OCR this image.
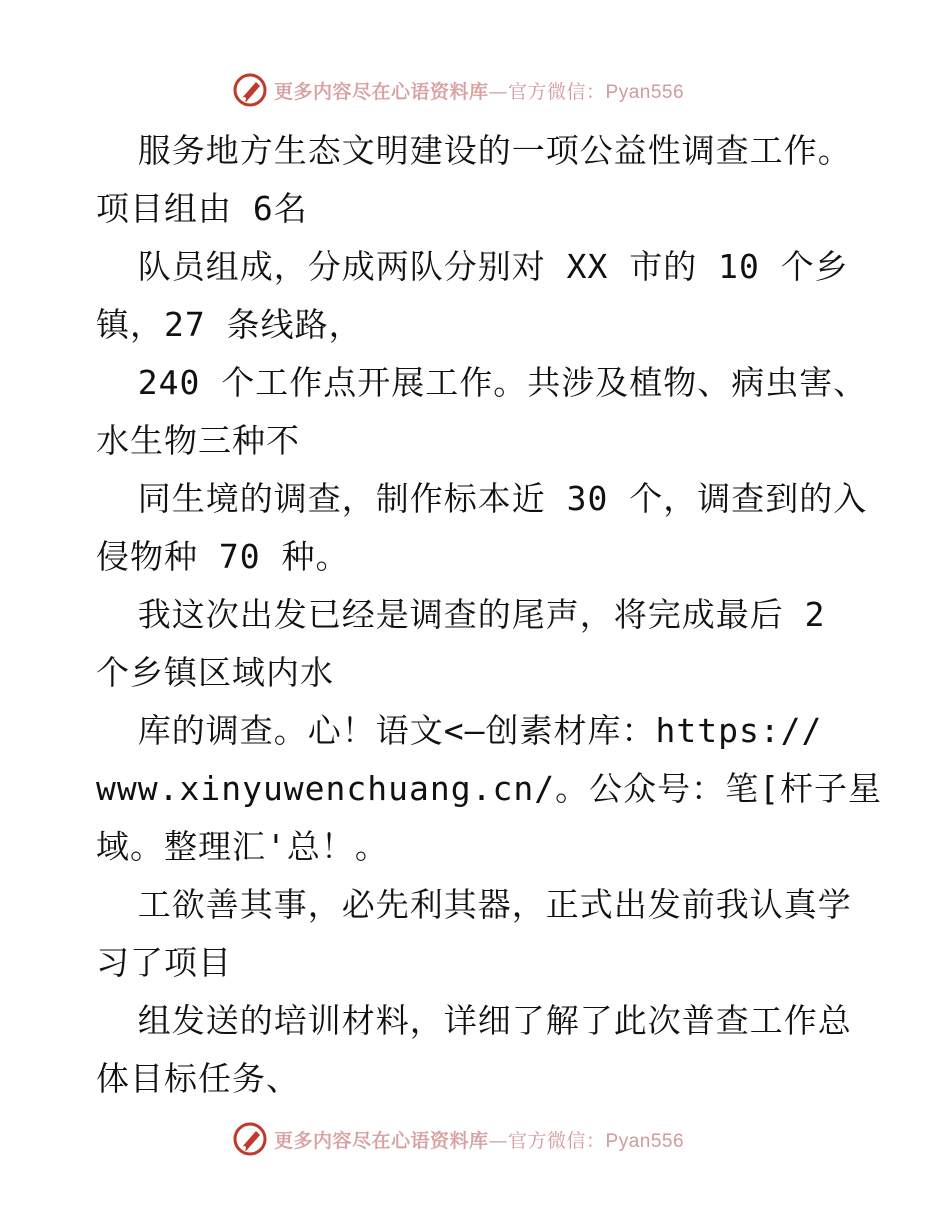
更多内容尽在心语资料库—官方微信：Pyan556
服务地方生态文明建设的一项公益性调查工作。
项目组由 6名
队员组成，分成两队分别对 XX 市的 10 个乡
镇，27 条线路，
240 个工作点开展工作。共涉及植物、病虫害、
水生物三种不
同生境的调查，制作标本近 30 个，调查到的入
侵物种 70 种。
我这次出发已经是调查的尾声，将完成最后 2
个乡镇区域内水
库的调查。心！语文<—创素材库：https://
www.xinyuwenchuang.cn/。公众号：笔[杆子星
域。整理汇'总！。
工欲善其事，必先利其器，正式出发前我认真学
习了项目
组发送的培训材料，详细了解了此次普查工作总
体目标任务、
更多内容尽在心语资料库—官方微信：Pyan556
